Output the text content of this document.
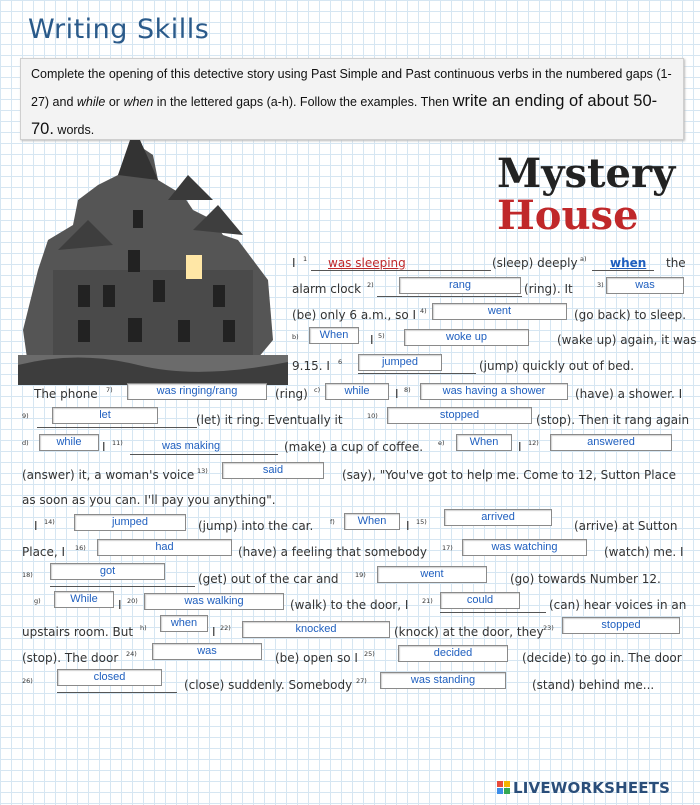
Writing Skills
Complete the opening of this detective story using Past Simple and Past continuous verbs in the numbered gaps (1-27) and while or when in the lettered gaps (a-h). Follow the examples. Then write an ending of about 50-70. words.
Mystery
House
I 1 was sleeping	(sleep) deeply a) when the
alarm clock 2)	rang	(ring). It	3)	was
(be) only 6 a.m., so I 4)	went	(go back) to sleep.
b)	When	I 5)	woke up	(wake up) again, it was
9.15. I 6	jumped	(jump) quickly out of bed.
The phone 7)	was ringing/rang	(ring) c)	while	I 8)	was having a shower	(have) a shower. I
9)	let	(let) it ring. Eventually it	10)	stopped	(stop). Then it rang again
d)	while	I 11)	was making	(make) a cup of coffee. e)	When	I 12)	answered
(answer) it, a woman's voice 13)	said	(say), "You've got to help me. Come to 12, Sutton Place
as soon as you can. I'll pay you anything".
I 14)	jumped	(jump) into the car.	f)	When	I 15)	arrived
(arrive) at Sutton
Place, I 16)	had	(have) a feeling that somebody 17)	was watching	(watch) me. I
18)	got
(get) out of the car and	19)	went	(go) towards Number 12.
g)	While	I 20)	was walking	(walk) to the door, I 21)	could	(can) hear voices in an
upstairs room. But h)	when
I 22)	knocked	(knock) at the door, they 23)	stopped
(stop). The door 24)	was	(be) open so I 25)	decided	(decide) to go in. The door
26)	closed
(close) suddenly. Somebody 27)	was standing	(stand) behind me...
LIVEWORKSHEETS
